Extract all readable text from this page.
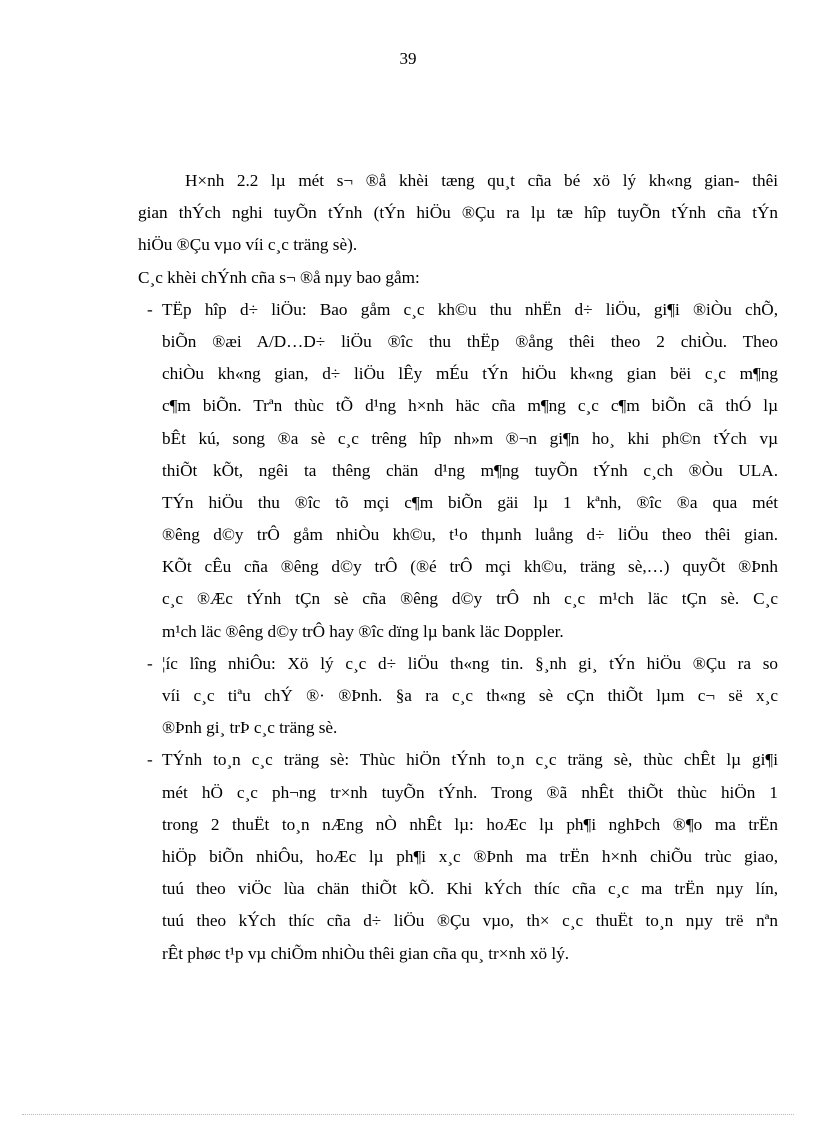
39
H×nh 2.2 lµ mét s¬ ®å khèi tæng qu¸t cña bé xö lý kh«ng gian- thêi
gian thÝch nghi tuyÕn tÝnh (tÝn hiÖu ®Çu ra lµ tæ hîp tuyÕn tÝnh cña tÝn
hiÖu ®Çu vµo víi c¸c träng sè).
C¸c khèi chÝnh cña s¬ ®å nµy bao gåm:
- TËp hîp d÷ liÖu: Bao gåm c¸c kh©u thu nhËn d÷ liÖu, gi¶i ®iÒu chÕ,
biÕn ®æi A/D…D÷ liÖu ®îc thu thËp ®ång thêi theo 2 chiÒu. Theo
chiÒu kh«ng gian, d÷ liÖu lÊy mÉu tÝn hiÖu kh«ng gian bëi c¸c m¶ng
c¶m biÕn. Trªn thùc tÕ d¹ng h×nh häc cña m¶ng c¸c c¶m biÕn cã thÓ lµ
bÊt kú, song ®a sè c¸c trêng hîp nh»m ®¬n gi¶n ho¸ khi ph©n tÝch vµ
thiÕt kÕt, ngêi ta thêng chän d¹ng m¶ng tuyÕn tÝnh c¸ch ®Òu ULA.
TÝn hiÖu thu ®îc tõ mçi c¶m biÕn gäi lµ 1 kªnh, ®îc ®a qua mét
®êng d©y trÔ gåm nhiÒu kh©u, t¹o thµnh luång d÷ liÖu theo thêi gian.
KÕt cÊu cña ®êng d©y trÔ (®é trÔ mçi kh©u, träng sè,…) quyÕt ®Þnh
c¸c ®Æc tÝnh tÇn sè cña ®êng d©y trÔ nh c¸c m¹ch läc tÇn sè. C¸c
m¹ch läc ®êng d©y trÔ hay ®îc dïng lµ bank läc Doppler.
- ¦íc lîng nhiÔu: Xö lý c¸c d÷ liÖu th«ng tin. §¸nh gi¸ tÝn hiÖu ®Çu ra so
víi c¸c tiªu chÝ ®· ®Þnh. §a ra c¸c th«ng sè cÇn thiÕt lµm c¬ së x¸c
®Þnh gi¸ trÞ c¸c träng sè.
- TÝnh to¸n c¸c träng sè: Thùc hiÖn tÝnh to¸n c¸c träng sè, thùc chÊt lµ gi¶i
mét hÖ c¸c ph¬ng tr×nh tuyÕn tÝnh. Trong ®ã nhÊt thiÕt thùc hiÖn 1
trong 2 thuËt to¸n nÆng nÒ nhÊt lµ: hoÆc lµ ph¶i nghÞch ®¶o ma trËn
hiÖp biÕn nhiÔu, hoÆc lµ ph¶i x¸c ®Þnh ma trËn h×nh chiÕu trùc giao,
tuú theo viÖc lùa chän thiÕt kÕ. Khi kÝch thíc cña c¸c ma trËn nµy lín,
tuú theo kÝch thíc cña d÷ liÖu ®Çu vµo, th× c¸c thuËt to¸n nµy trë nªn
rÊt phøc t¹p vµ chiÕm nhiÒu thêi gian cña qu¸ tr×nh xö lý.
